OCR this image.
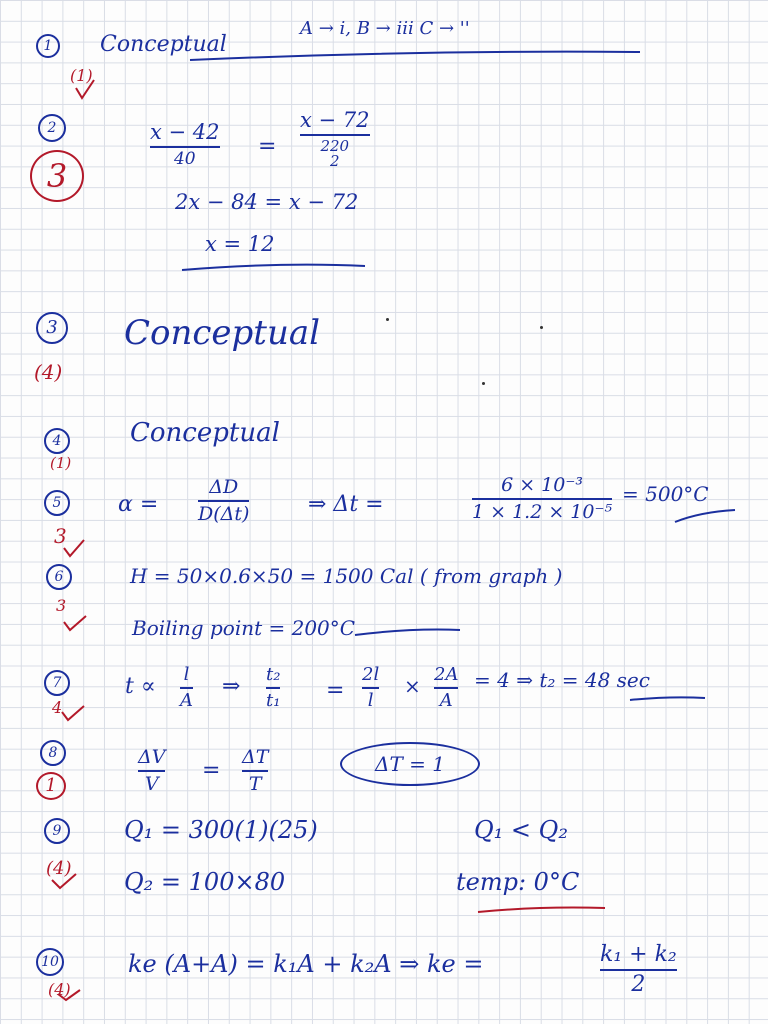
1 Conceptual
(1)
A → i, B → iii C → ''
2
3
x − 42
40	=
x − 72
220
2
2x − 84 = x − 72
x = 12
3 Conceptual
(4)
4	Conceptual
(1)
5
3
α =
ΔD
D(Δt)	⇒ Δt =
6 × 10⁻³
1 × 1.2 × 10⁻⁵
= 500°C
6
3
H = 50×0.6×50 = 1500 Cal ( from graph )
Boiling point = 200°C
7
4
t ∝ l
A
⇒ t₂
t₁ =
2l
l
× 2A
A
= 4 ⇒ t₂ = 48 sec
8
1
ΔV
V
=
ΔT
T
ΔT = 1
9
(4)
Q₁ = 300(1)(25)
Q₂ = 100×80
Q₁ < Q₂
temp: 0°C
10
(4)
ke (A+A) = k₁A + k₂A ⇒ ke =	k₁ + k₂
2
